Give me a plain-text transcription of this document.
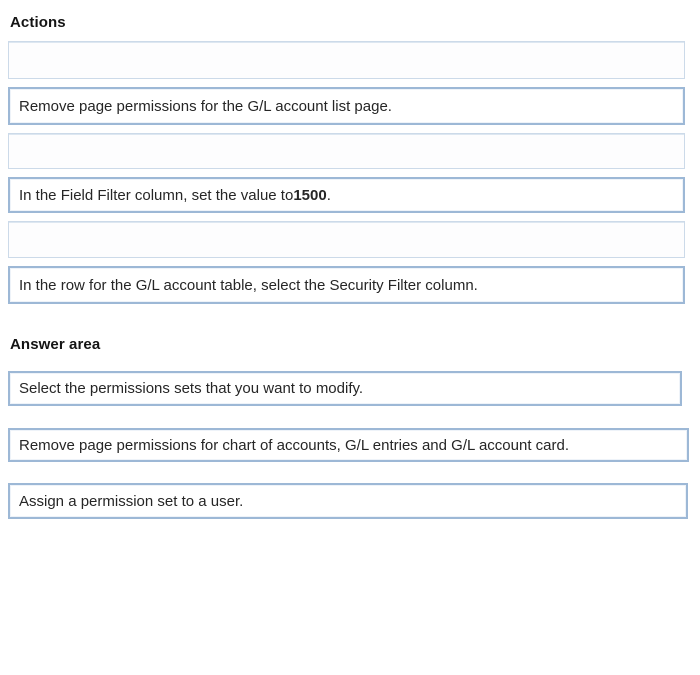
Actions
Remove page permissions for the G/L account list page.
In the Field Filter column, set the value to 1500 .
In the row for the G/L account table, select the Security Filter column.
Answer area
Select the permissions sets that you want to modify.
Remove page permissions for chart of accounts, G/L entries and G/L account card.
Assign a permission set to a user.
